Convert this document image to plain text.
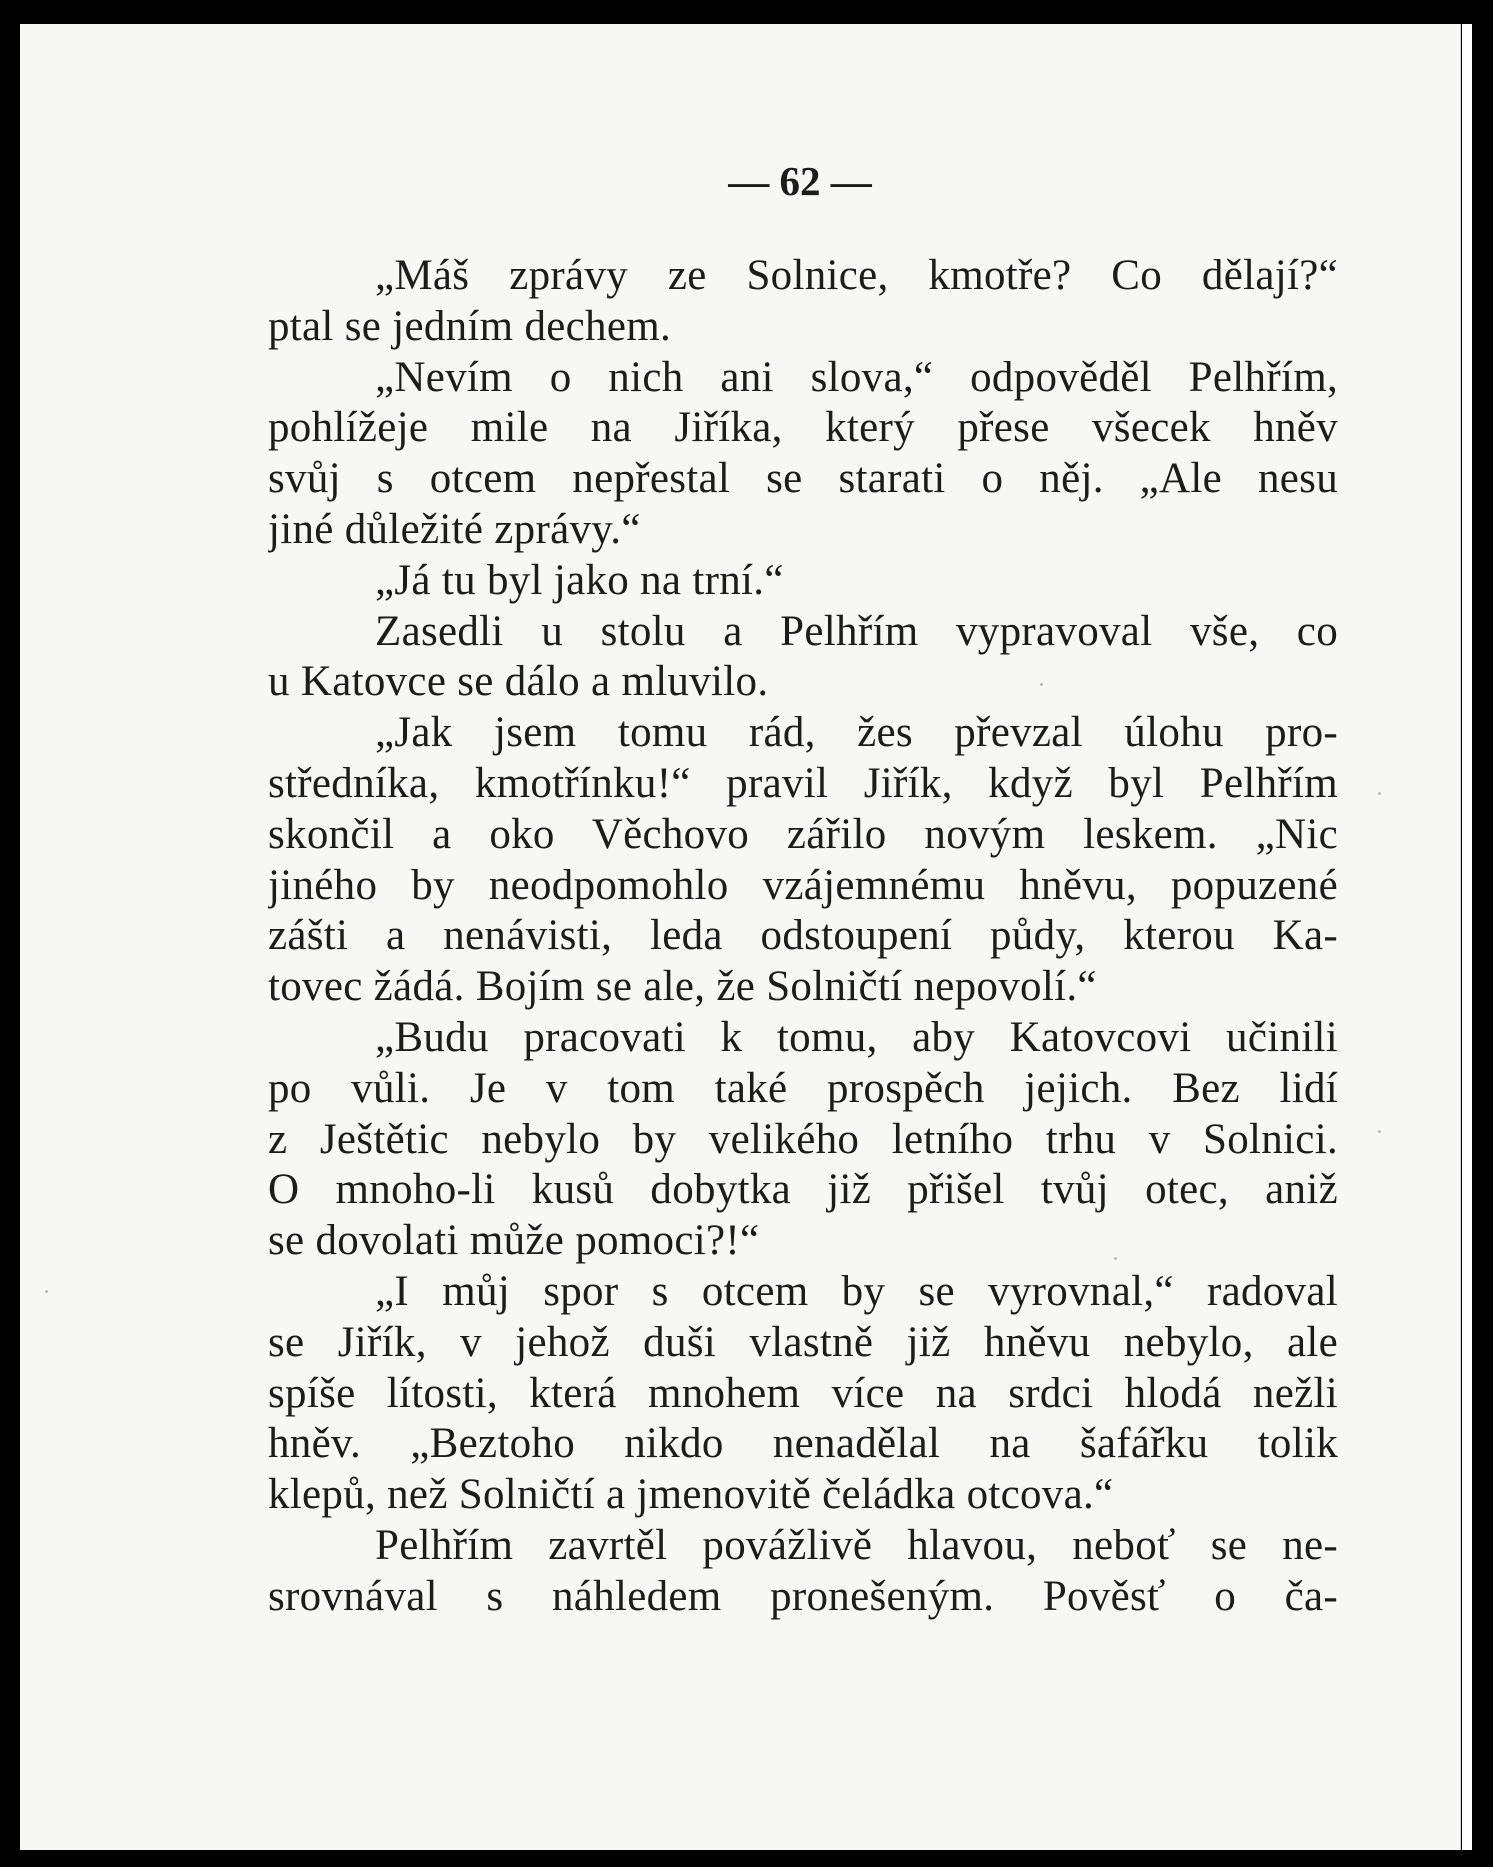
— 62 —
„Máš zprávy ze Solnice, kmotře? Co dělají?“
ptal se jedním dechem.
„Nevím o nich ani slova,“ odpověděl Pelhřím,
pohlížeje mile na Jiříka, který přese všecek hněv
svůj s otcem nepřestal se starati o něj. „Ale nesu
jiné důležité zprávy.“
„Já tu byl jako na trní.“
Zasedli u stolu a Pelhřím vypravoval vše, co
u Katovce se dálo a mluvilo.
„Jak jsem tomu rád, žes převzal úlohu pro-
středníka, kmotřínku!“ pravil Jiřík, když byl Pelhřím
skončil a oko Věchovo zářilo novým leskem. „Nic
jiného by neodpomohlo vzájemnému hněvu, popuzené
zášti a nenávisti, leda odstoupení půdy, kterou Ka-
tovec žádá. Bojím se ale, že Solničtí nepovolí.“
„Budu pracovati k tomu, aby Katovcovi učinili
po vůli. Je v tom také prospěch jejich. Bez lidí
z Ještětic nebylo by velikého letního trhu v Solnici.
O mnoho-li kusů dobytka již přišel tvůj otec, aniž
se dovolati může pomoci?!“
„I můj spor s otcem by se vyrovnal,“ radoval
se Jiřík, v jehož duši vlastně již hněvu nebylo, ale
spíše lítosti, která mnohem více na srdci hlodá nežli
hněv. „Beztoho nikdo nenadělal na šafářku tolik
klepů, než Solničtí a jmenovitě čeládka otcova.“
Pelhřím zavrtěl povážlivě hlavou, neboť se ne-
srovnával s náhledem pronešeným. Pověsť o ča-
